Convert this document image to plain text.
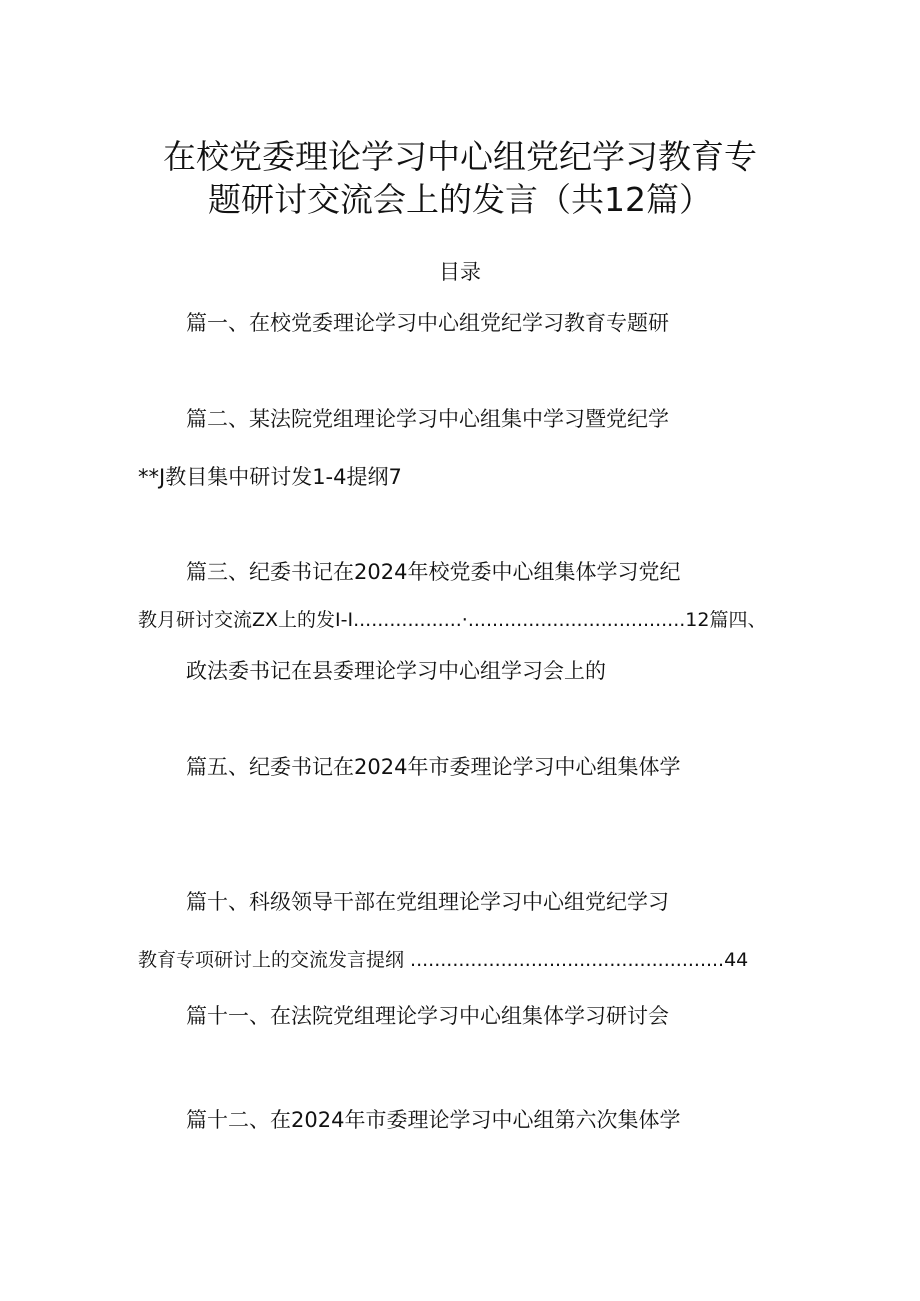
在校党委理论学习中心组党纪学习教育专
题研讨交流会上的发言（共12篇）
目录
篇一、在校党委理论学习中心组党纪学习教育专题研
篇二、某法院党组理论学习中心组集中学习暨党纪学
**J教目集中研讨发1-4提纲7
篇三、纪委书记在2024年校党委中心组集体学习党纪
教月研讨交流ZX上的发I-I..................·....................................12篇四、
政法委书记在县委理论学习中心组学习会上的
篇五、纪委书记在2024年市委理论学习中心组集体学
篇十、科级领导干部在党组理论学习中心组党纪学习
教育专项研讨上的交流发言提纲 ....................................................44
篇十一、在法院党组理论学习中心组集体学习研讨会
篇十二、在2024年市委理论学习中心组第六次集体学
